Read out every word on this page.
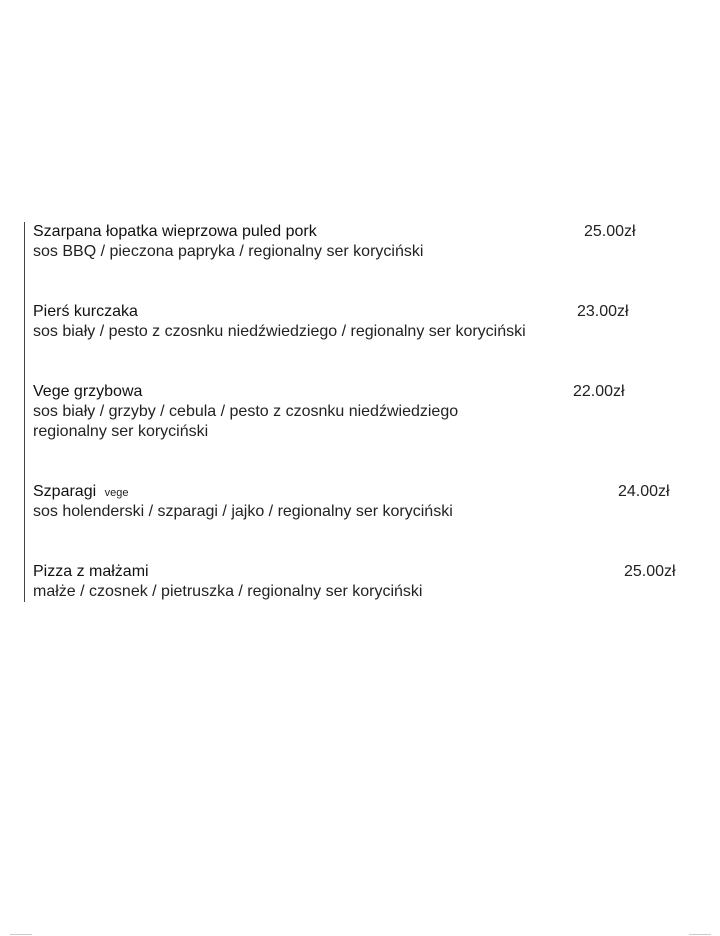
Szarpana łopatka wieprzowa puled pork	25.00zł
sos BBQ / pieczona papryka / regionalny ser koryciński
Pierś kurczaka	23.00zł
sos biały / pesto z czosnku niedźwiedziego / regionalny ser koryciński
Vege grzybowa	22.00zł
sos biały / grzyby / cebula / pesto z czosnku niedźwiedziego
regionalny ser koryciński
Szparagi vege	24.00zł
sos holenderski / szparagi / jajko / regionalny ser koryciński
Pizza z małżami	25.00zł
małże / czosnek / pietruszka / regionalny ser koryciński
